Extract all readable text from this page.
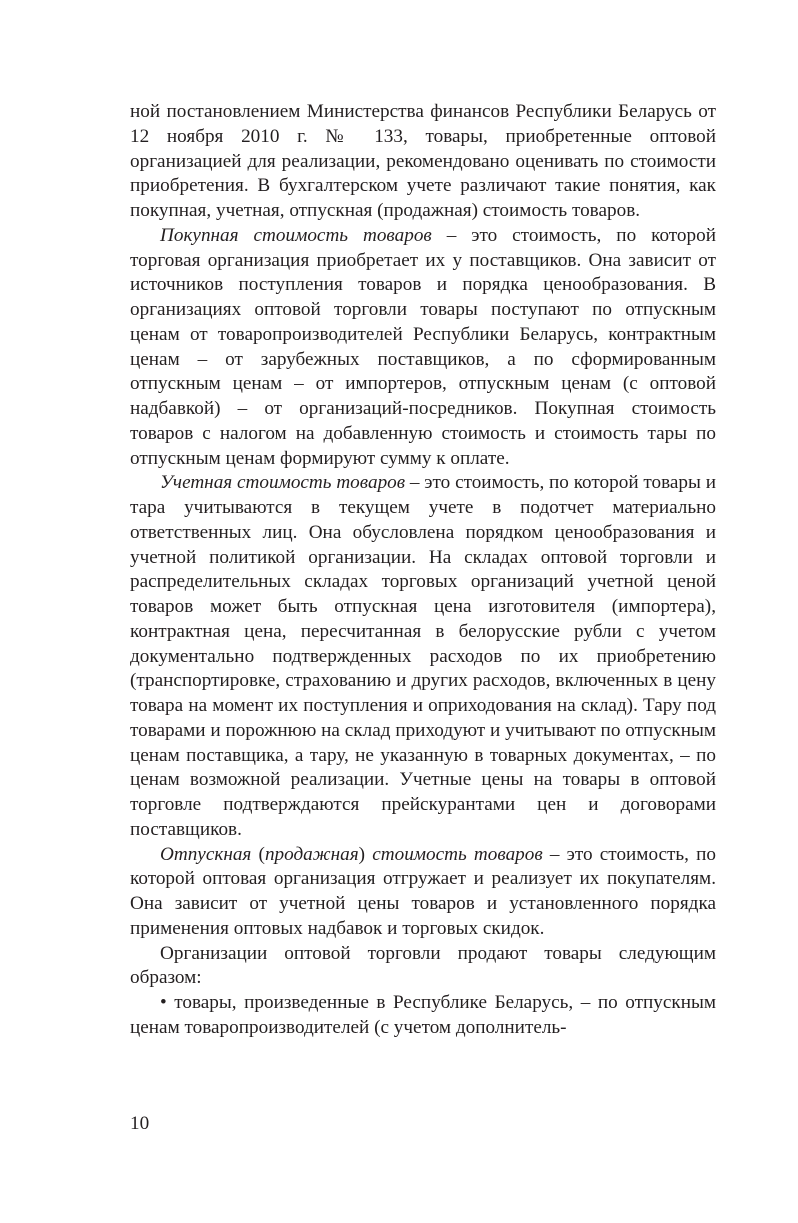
ной постановлением Министерства финансов Республики Беларусь от 12 ноября 2010 г. № 133, товары, приобретенные оптовой организацией для реализации, рекомендовано оценивать по стоимости приобретения. В бухгалтерском учете различают такие понятия, как покупная, учетная, отпускная (продажная) стоимость товаров.

Покупная стоимость товаров – это стоимость, по которой торговая организация приобретает их у поставщиков. Она зависит от источников поступления товаров и порядка ценообразования. В организациях оптовой торговли товары поступают по отпускным ценам от товаропроизводителей Республики Беларусь, контрактным ценам – от зарубежных поставщиков, а по сформированным отпускным ценам – от импортеров, отпускным ценам (с оптовой надбавкой) – от организаций-посредников. Покупная стоимость товаров с налогом на добавленную стоимость и стоимость тары по отпускным ценам формируют сумму к оплате.

Учетная стоимость товаров – это стоимость, по которой товары и тара учитываются в текущем учете в подотчет материально ответственных лиц. Она обусловлена порядком ценообразования и учетной политикой организации. На складах оптовой торговли и распределительных складах торговых организаций учетной ценой товаров может быть отпускная цена изготовителя (импортера), контрактная цена, пересчитанная в белорусские рубли с учетом документально подтвержденных расходов по их приобретению (транспортировке, страхованию и других расходов, включенных в цену товара на момент их поступления и оприходования на склад). Тару под товарами и порожнюю на склад приходуют и учитывают по отпускным ценам поставщика, а тару, не указанную в товарных документах, – по ценам возможной реализации. Учетные цены на товары в оптовой торговле подтверждаются прейскурантами цен и договорами поставщиков.

Отпускная (продажная) стоимость товаров – это стоимость, по которой оптовая организация отгружает и реализует их покупателям. Она зависит от учетной цены товаров и установленного порядка применения оптовых надбавок и торговых скидок.

Организации оптовой торговли продают товары следующим образом:

• товары, произведенные в Республике Беларусь, – по отпускным ценам товаропроизводителей (с учетом дополнитель-

10
